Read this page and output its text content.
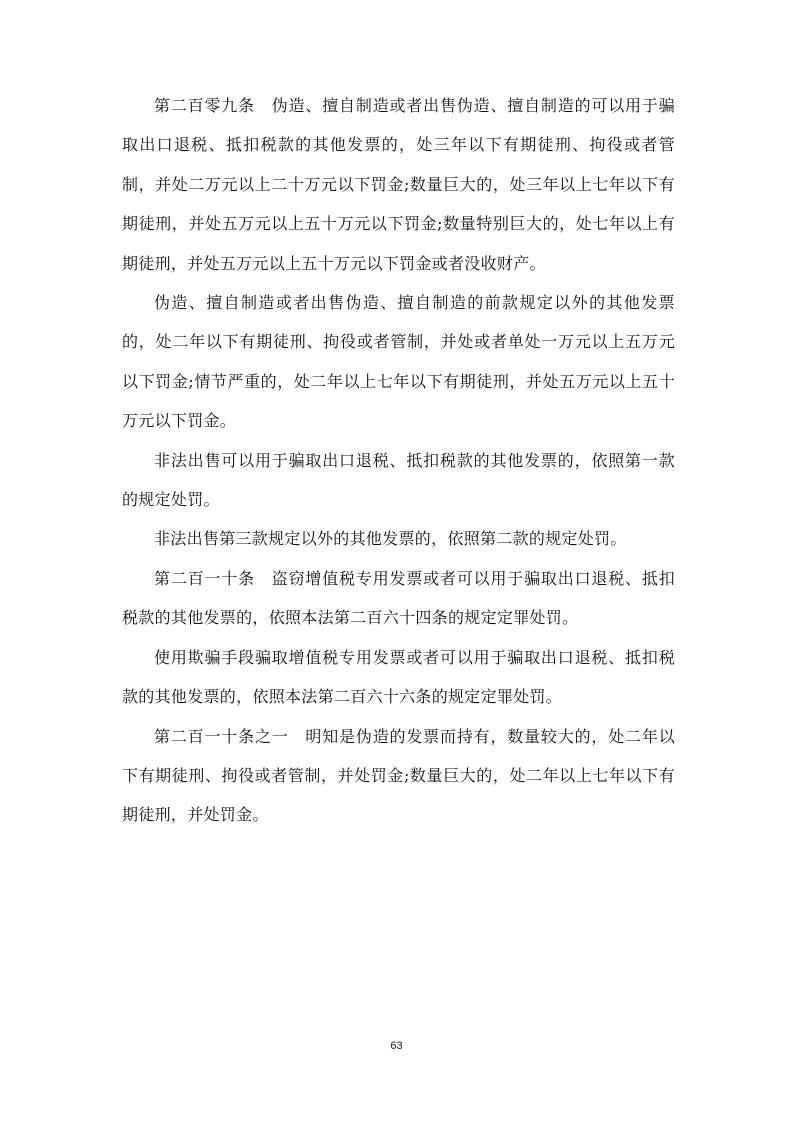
第二百零九条　伪造、擅自制造或者出售伪造、擅自制造的可以用于骗取出口退税、抵扣税款的其他发票的，处三年以下有期徒刑、拘役或者管制，并处二万元以上二十万元以下罚金;数量巨大的，处三年以上七年以下有期徒刑，并处五万元以上五十万元以下罚金;数量特别巨大的，处七年以上有期徒刑，并处五万元以上五十万元以下罚金或者没收财产。

伪造、擅自制造或者出售伪造、擅自制造的前款规定以外的其他发票的，处二年以下有期徒刑、拘役或者管制，并处或者单处一万元以上五万元以下罚金;情节严重的，处二年以上七年以下有期徒刑，并处五万元以上五十万元以下罚金。

非法出售可以用于骗取出口退税、抵扣税款的其他发票的，依照第一款的规定处罚。

非法出售第三款规定以外的其他发票的，依照第二款的规定处罚。

第二百一十条　盗窃增值税专用发票或者可以用于骗取出口退税、抵扣税款的其他发票的，依照本法第二百六十四条的规定定罪处罚。

使用欺骗手段骗取增值税专用发票或者可以用于骗取出口退税、抵扣税款的其他发票的，依照本法第二百六十六条的规定定罪处罚。

第二百一十条之一　明知是伪造的发票而持有，数量较大的，处二年以下有期徒刑、拘役或者管制，并处罚金;数量巨大的，处二年以上七年以下有期徒刑，并处罚金。

63
